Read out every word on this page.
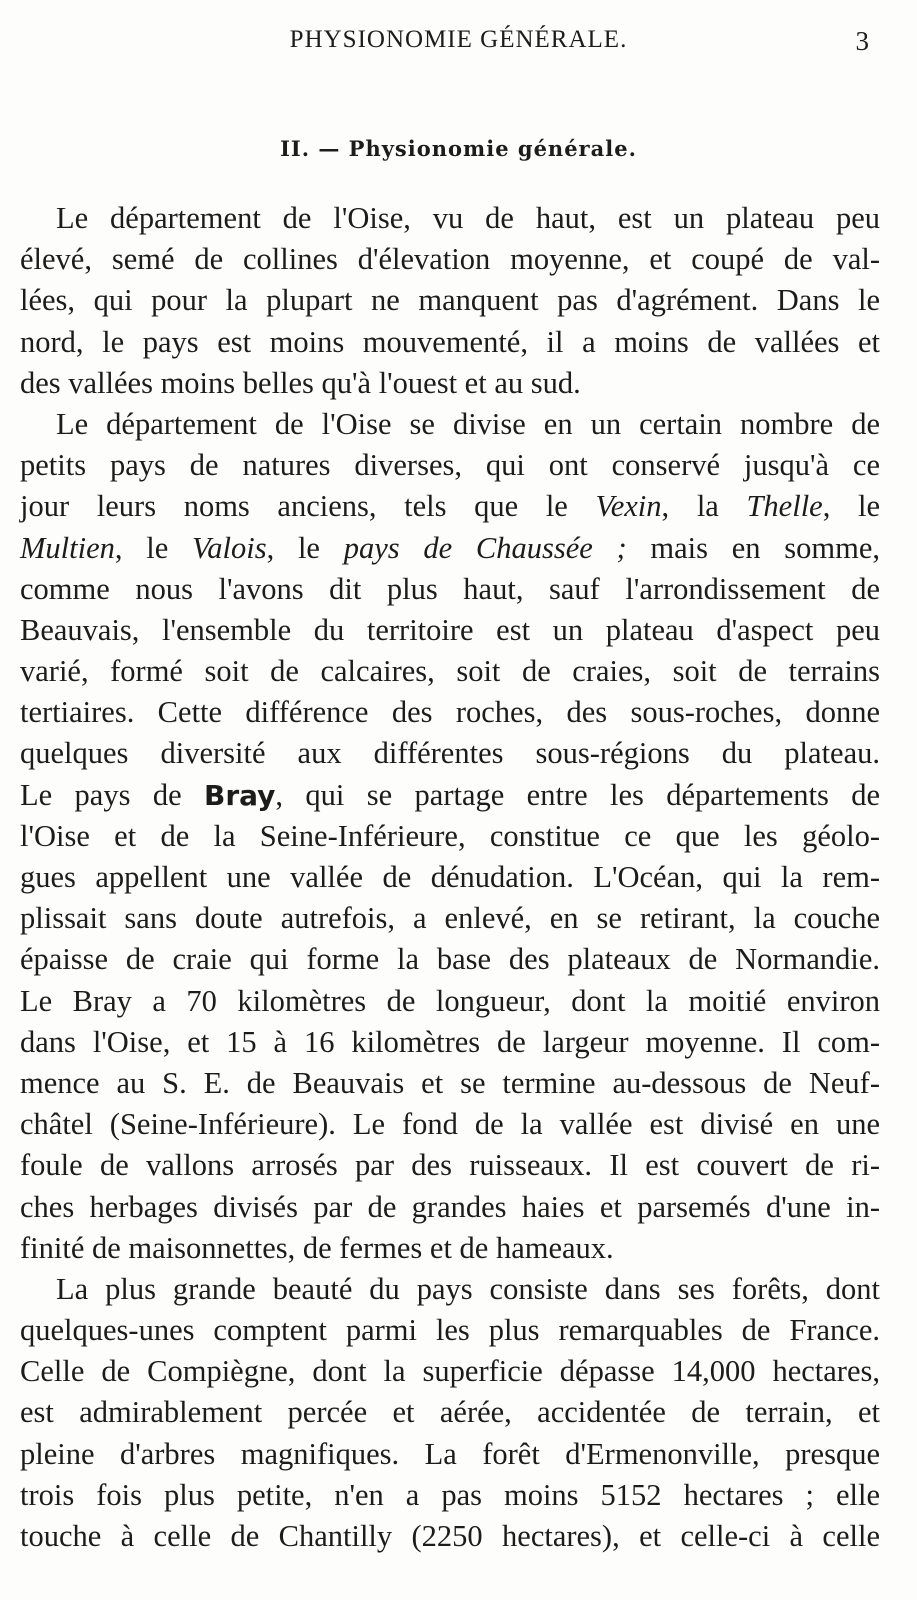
PHYSIONOMIE GÉNÉRALE.	3
II. — Physionomie générale.
Le département de l'Oise, vu de haut, est un plateau peu
élevé, semé de collines d'élevation moyenne, et coupé de val-
lées, qui pour la plupart ne manquent pas d'agrément. Dans le
nord, le pays est moins mouvementé, il a moins de vallées et
des vallées moins belles qu'à l'ouest et au sud.
Le département de l'Oise se divise en un certain nombre de
petits pays de natures diverses, qui ont conservé jusqu'à ce
jour leurs noms anciens, tels que le Vexin, la Thelle, le
Multien, le Valois, le pays de Chaussée ; mais en somme,
comme nous l'avons dit plus haut, sauf l'arrondissement de
Beauvais, l'ensemble du territoire est un plateau d'aspect peu
varié, formé soit de calcaires, soit de craies, soit de terrains
tertiaires. Cette différence des roches, des sous-roches, donne
quelques diversité aux différentes sous-régions du plateau.
Le pays de Bray, qui se partage entre les départements de
l'Oise et de la Seine-Inférieure, constitue ce que les géolo-
gues appellent une vallée de dénudation. L'Océan, qui la rem-
plissait sans doute autrefois, a enlevé, en se retirant, la couche
épaisse de craie qui forme la base des plateaux de Normandie.
Le Bray a 70 kilomètres de longueur, dont la moitié environ
dans l'Oise, et 15 à 16 kilomètres de largeur moyenne. Il com-
mence au S. E. de Beauvais et se termine au-dessous de Neuf-
châtel (Seine-Inférieure). Le fond de la vallée est divisé en une
foule de vallons arrosés par des ruisseaux. Il est couvert de ri-
ches herbages divisés par de grandes haies et parsemés d'une in-
finité de maisonnettes, de fermes et de hameaux.
La plus grande beauté du pays consiste dans ses forêts, dont
quelques-unes comptent parmi les plus remarquables de France.
Celle de Compiègne, dont la superficie dépasse 14,000 hectares,
est admirablement percée et aérée, accidentée de terrain, et
pleine d'arbres magnifiques. La forêt d'Ermenonville, presque
trois fois plus petite, n'en a pas moins 5152 hectares ; elle
touche à celle de Chantilly (2250 hectares), et celle-ci à celle
